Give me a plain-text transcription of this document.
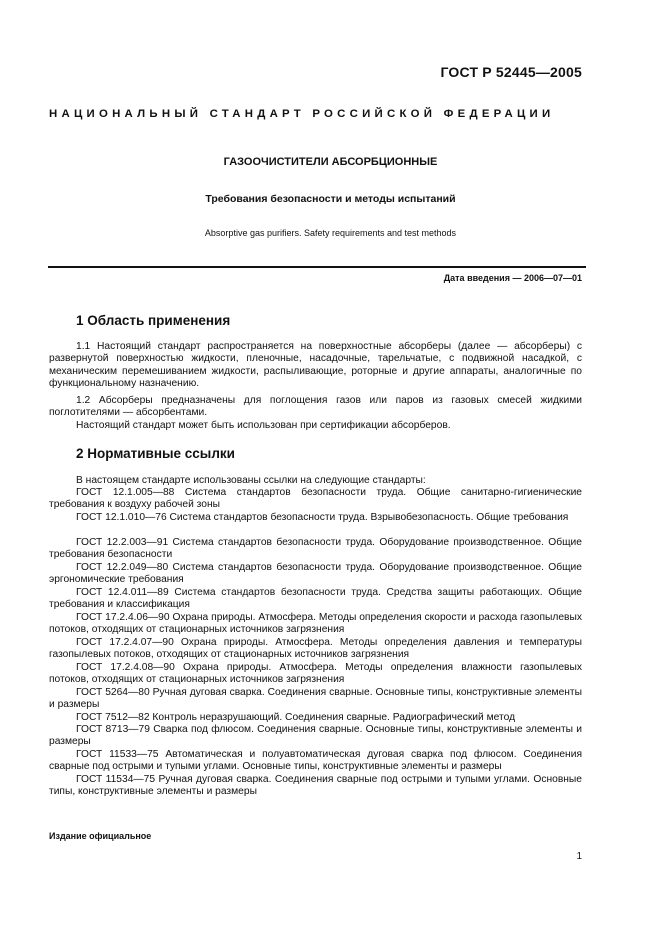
ГОСТ Р 52445—2005
НАЦИОНАЛЬНЫЙ СТАНДАРТ РОССИЙСКОЙ ФЕДЕРАЦИИ
ГАЗООЧИСТИТЕЛИ АБСОРБЦИОННЫЕ
Требования безопасности и методы испытаний
Absorptive gas purifiers. Safety requirements and test methods
Дата введения — 2006—07—01
1 Область применения

1.1 Настоящий стандарт распространяется на поверхностные абсорберы (далее — абсорберы) с развернутой поверхностью жидкости, пленочные, насадочные, тарельчатые, с подвижной насадкой, с механическим перемешиванием жидкости, распыливающие, роторные и другие аппараты, аналогичные по функциональному назначению.

1.2 Абсорберы предназначены для поглощения газов или паров из газовых смесей жидкими поглотителями — абсорбентами.

Настоящий стандарт может быть использован при сертификации абсорберов.

2 Нормативные ссылки

В настоящем стандарте использованы ссылки на следующие стандарты:

ГОСТ 12.1.005—88 Система стандартов безопасности труда. Общие санитарно-гигиенические требования к воздуху рабочей зоны

ГОСТ 12.1.010—76 Система стандартов безопасности труда. Взрывобезопасность. Общие требования

ГОСТ 12.2.003—91 Система стандартов безопасности труда. Оборудование производственное. Общие требования безопасности

ГОСТ 12.2.049—80 Система стандартов безопасности труда. Оборудование производственное. Общие эргономические требования

ГОСТ 12.4.011—89 Система стандартов безопасности труда. Средства защиты работающих. Общие требования и классификация

ГОСТ 17.2.4.06—90 Охрана природы. Атмосфера. Методы определения скорости и расхода газопылевых потоков, отходящих от стационарных источников загрязнения

ГОСТ 17.2.4.07—90 Охрана природы. Атмосфера. Методы определения давления и температуры газопылевых потоков, отходящих от стационарных источников загрязнения

ГОСТ 17.2.4.08—90 Охрана природы. Атмосфера. Методы определения влажности газопылевых потоков, отходящих от стационарных источников загрязнения

ГОСТ 5264—80 Ручная дуговая сварка. Соединения сварные. Основные типы, конструктивные элементы и размеры

ГОСТ 7512—82 Контроль неразрушающий. Соединения сварные. Радиографический метод

ГОСТ 8713—79 Сварка под флюсом. Соединения сварные. Основные типы, конструктивные элементы и размеры

ГОСТ 11533—75 Автоматическая и полуавтоматическая дуговая сварка под флюсом. Соединения сварные под острыми и тупыми углами. Основные типы, конструктивные элементы и размеры

ГОСТ 11534—75 Ручная дуговая сварка. Соединения сварные под острыми и тупыми углами. Основные типы, конструктивные элементы и размеры

Издание официальное
1
